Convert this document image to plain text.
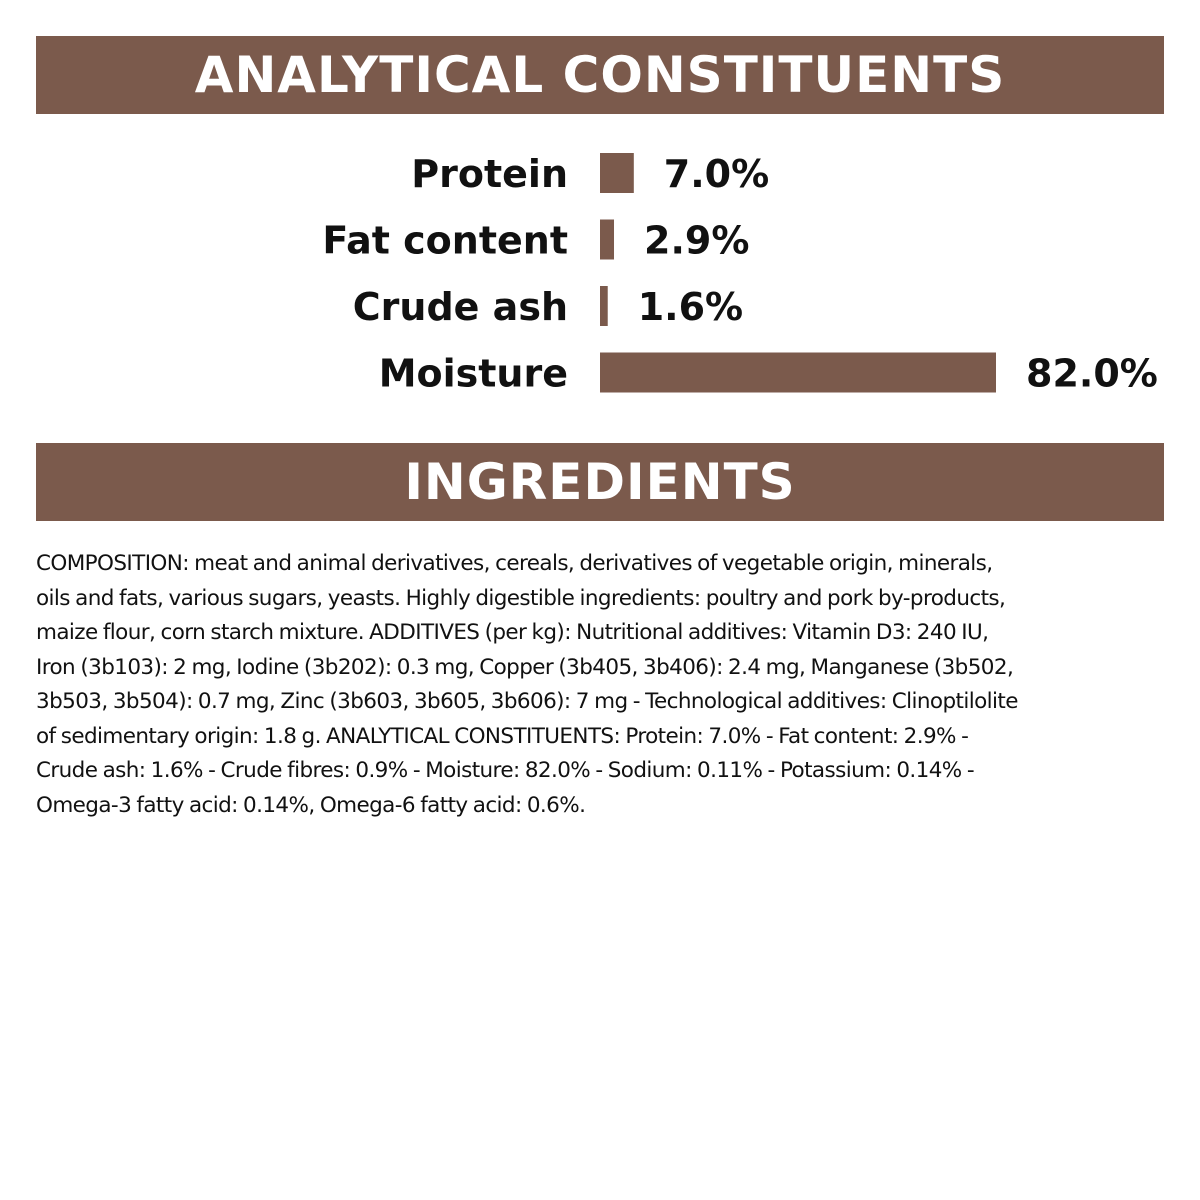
ANALYTICAL CONSTITUENTS
Protein	7.0%
Fat content 2.9%
Crude ash 1.6%
Moisture	82.0%
INGREDIENTS
COMPOSITION: meat and animal derivatives, cereals, derivatives of vegetable origin, minerals,
oils and fats, various sugars, yeasts. Highly digestible ingredients: poultry and pork by-products,
maize flour, corn starch mixture. ADDITIVES (per kg): Nutritional additives: Vitamin D3: 240 IU,
Iron (3b103): 2 mg, Iodine (3b202): 0.3 mg, Copper (3b405, 3b406): 2.4 mg, Manganese (3b502,
3b503, 3b504): 0.7 mg, Zinc (3b603, 3b605, 3b606): 7 mg - Technological additives: Clinoptilolite
of sedimentary origin: 1.8 g. ANALYTICAL CONSTITUENTS: Protein: 7.0% - Fat content: 2.9% -
Crude ash: 1.6% - Crude fibres: 0.9% - Moisture: 82.0% - Sodium: 0.11% - Potassium: 0.14% -
Omega-3 fatty acid: 0.14%, Omega-6 fatty acid: 0.6%.
